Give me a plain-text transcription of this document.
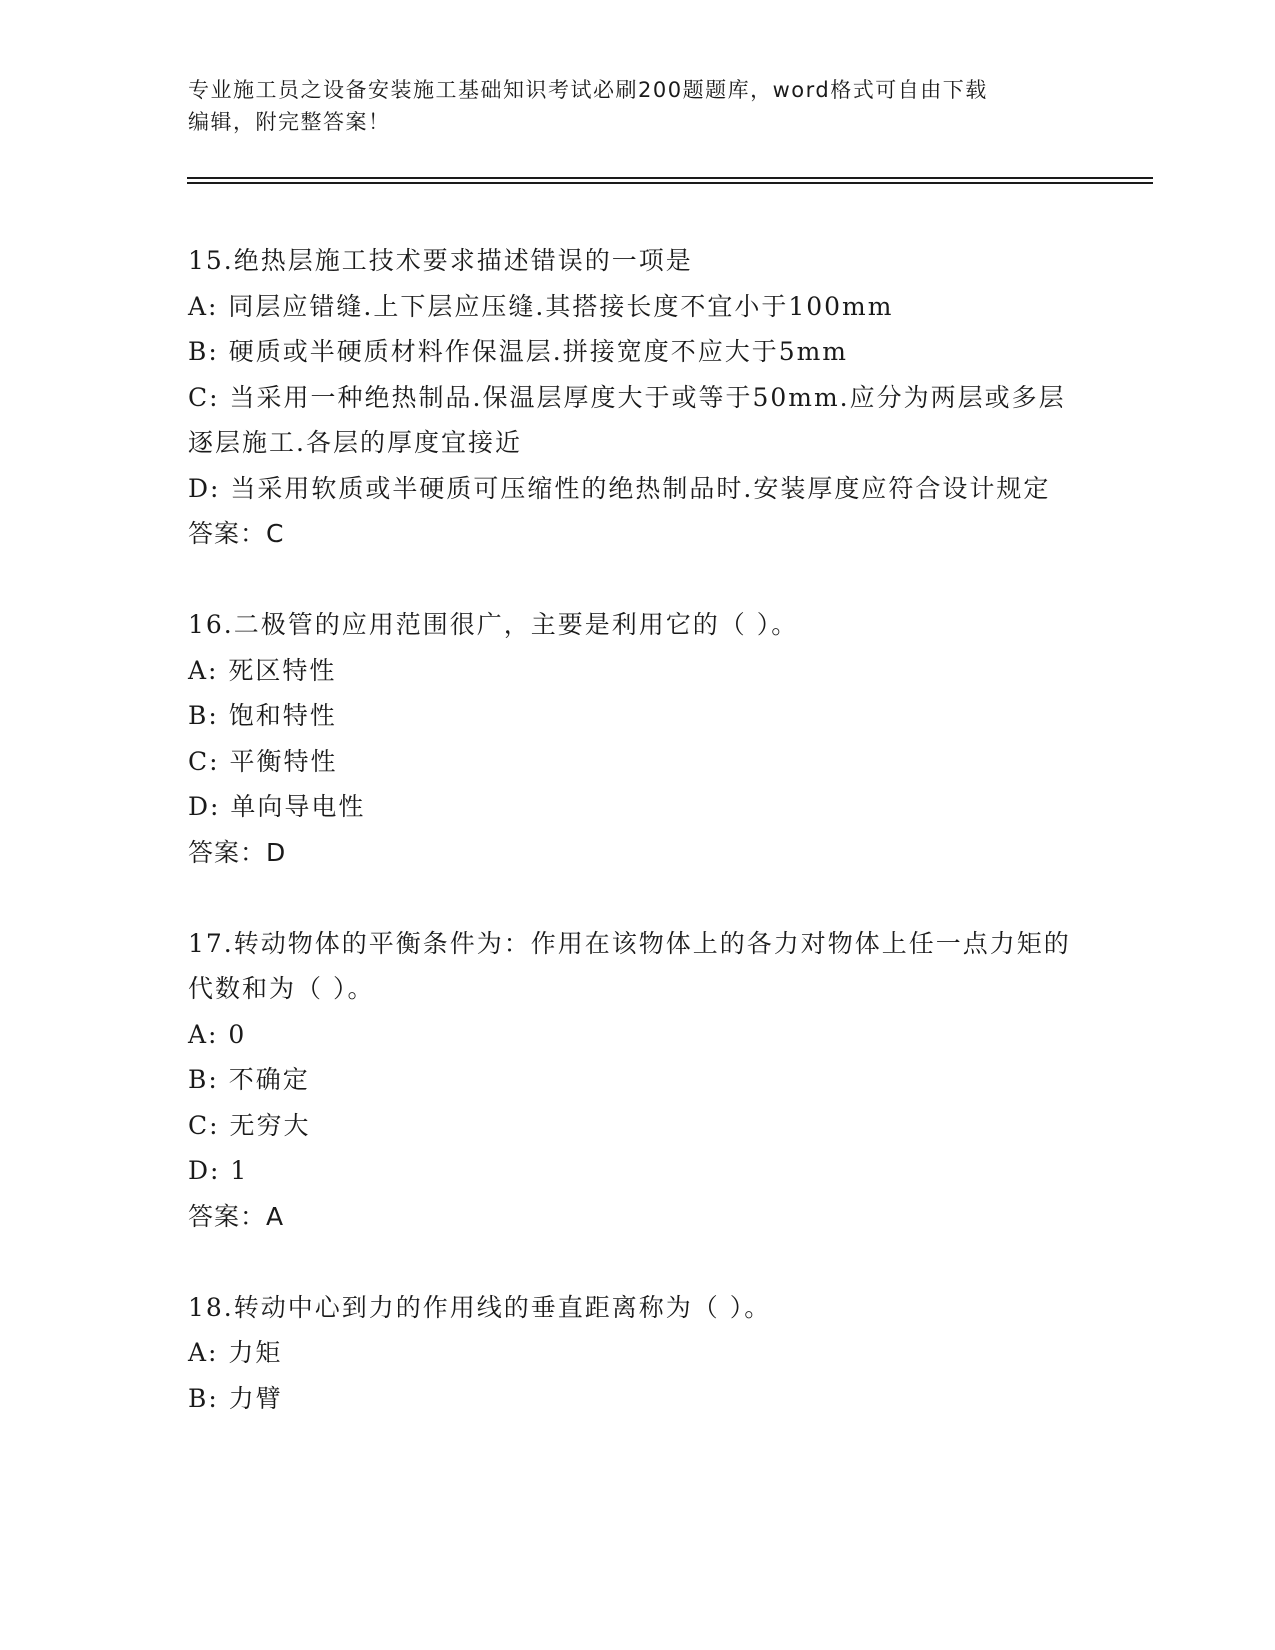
专业施工员之设备安装施工基础知识考试必刷200题题库，word格式可自由下载
编辑，附完整答案！
15.绝热层施工技术要求描述错误的一项是
A: 同层应错缝.上下层应压缝.其搭接长度不宜小于100mm
B: 硬质或半硬质材料作保温层.拼接宽度不应大于5mm
C: 当采用一种绝热制品.保温层厚度大于或等于50mm.应分为两层或多层逐层施工.各层的厚度宜接近
D: 当采用软质或半硬质可压缩性的绝热制品时.安装厚度应符合设计规定
答案：C
16.二极管的应用范围很广，主要是利用它的（ ）。
A: 死区特性
B: 饱和特性
C: 平衡特性
D: 单向导电性
答案：D
17.转动物体的平衡条件为：作用在该物体上的各力对物体上任一点力矩的代数和为（ ）。
A: 0
B: 不确定
C: 无穷大
D: 1
答案：A
18.转动中心到力的作用线的垂直距离称为（ ）。
A: 力矩
B: 力臂
